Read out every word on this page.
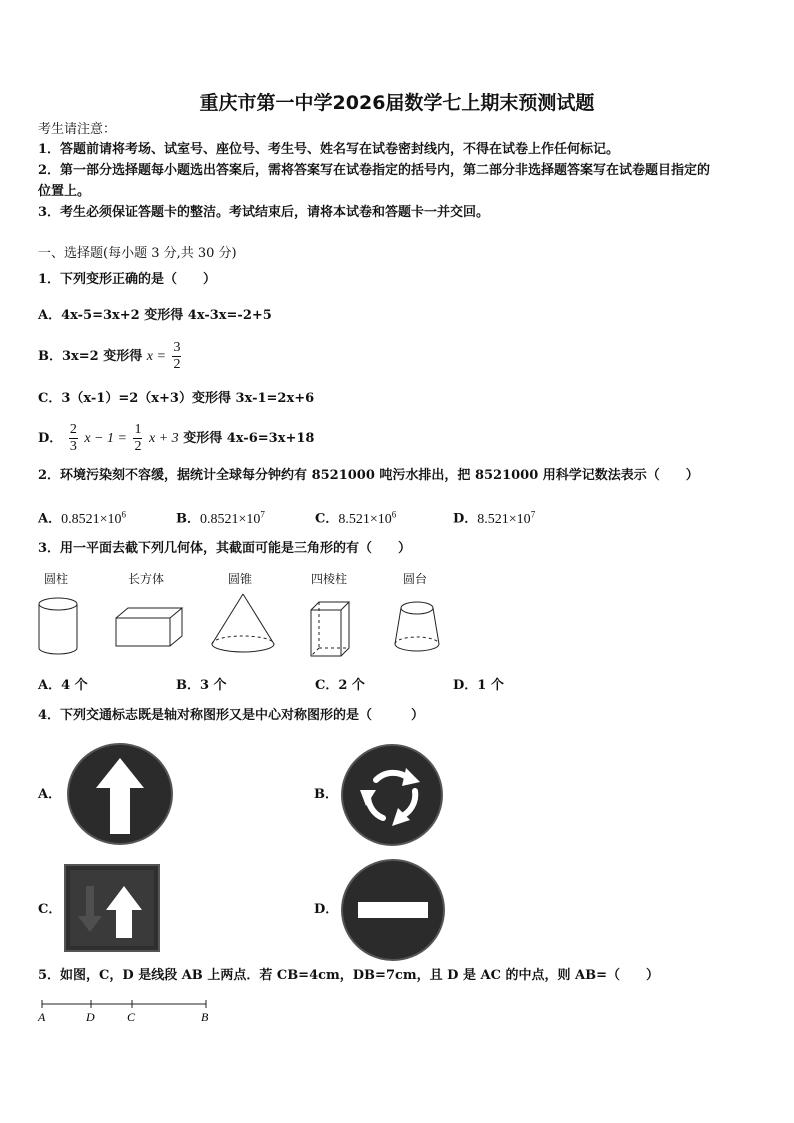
重庆市第一中学2026届数学七上期末预测试题
考生请注意：
1．答题前请将考场、试室号、座位号、考生号、姓名写在试卷密封线内，不得在试卷上作任何标记。
2．第一部分选择题每小题选出答案后，需将答案写在试卷指定的括号内，第二部分非选择题答案写在试卷题目指定的
位置上。
3．考生必须保证答题卡的整洁。考试结束后，请将本试卷和答题卡一并交回。
一、选择题(每小题 3 分,共 30 分)
1．下列变形正确的是（　　）
A．4x-5=3x+2 变形得 4x-3x=-2+5
B．3x=2 变形得 $x = \frac{3}{2}$
C．3（x-1）=2（x+3）变形得 3x-1=2x+6
D． $\frac{2}{3}$ $x - 1 = \frac{1}{2}$ x + 3 变形得 4x-6=3x+18
2．环境污染刻不容缓，据统计全球每分钟约有 8521000 吨污水排出，把 8521000 用科学记数法表示（　　）
A．$0.8521\times 10^6$	B．$0.8521\times 10^7$	C．$8.521\times 10^6$	D．$8.521\times 10^7$
3．用一平面去截下列几何体，其截面可能是三角形的有（　　）
圆柱	长方体	圆锥	四棱柱	圆台
A．4 个	B．3 个	C．2 个	D．1 个
4．下列交通标志既是轴对称图形又是中心对称图形的是（　　　）
A．	B．
C．	D．
5．如图，C，D 是线段 AB 上两点．若 CB=4cm，DB=7cm，且 D 是 AC 的中点，则 AB=（　　）
A	D	C	B
